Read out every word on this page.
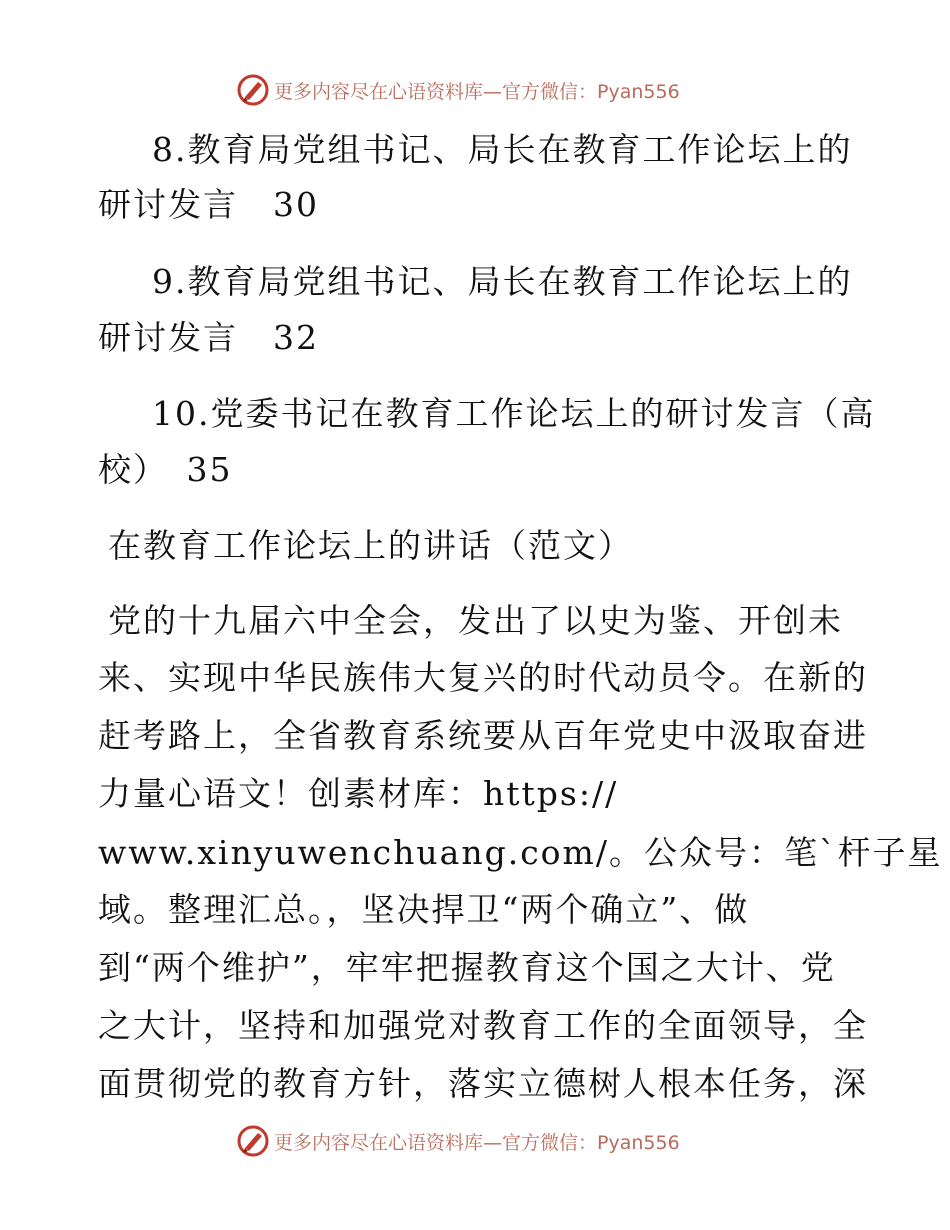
更多内容尽在心语资料库—官方微信：Pyan556
8.教育局党组书记、局长在教育工作论坛上的
研讨发言　30
9.教育局党组书记、局长在教育工作论坛上的
研讨发言　32
10.党委书记在教育工作论坛上的研讨发言（高
校）　35
在教育工作论坛上的讲话（范文）
党的十九届六中全会，发出了以史为鉴、开创未
来、实现中华民族伟大复兴的时代动员令。在新的
赶考路上，全省教育系统要从百年党史中汲取奋进
力量心语文！创素材库：https://
www.xinyuwenchuang.com/。公众号：笔`杆子星
域。整理汇总。，坚决捍卫“两个确立”、做
到“两个维护”，牢牢把握教育这个国之大计、党
之大计，坚持和加强党对教育工作的全面领导，全
面贯彻党的教育方针，落实立德树人根本任务，深
更多内容尽在心语资料库—官方微信：Pyan556
